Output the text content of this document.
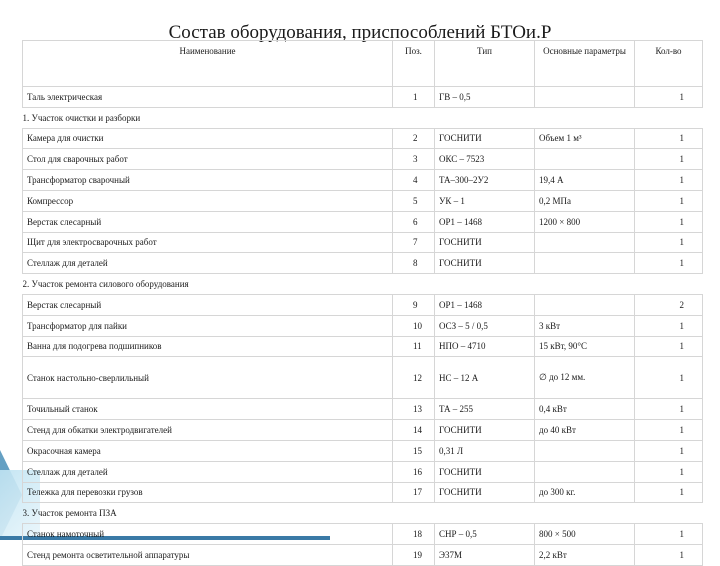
Состав оборудования, приспособлений БТОи.Р
Наименование	Поз.	Тип	Основные параметры	Кол-во
Таль электрическая	1	ГВ – 0,5		1
1. Участок очистки и разборки				
Камера для очистки	2	ГОСНИТИ	Объем 1 м³	1
Стол для сварочных работ	3	ОКС – 7523		1
Трансформатор сварочный	4	ТА–300–2У2	19,4 А	1
Компрессор	5	УК – 1	0,2 МПа	1
Верстак слесарный	6	ОР1 – 1468	1200 × 800	1
Щит для электросварочных работ	7	ГОСНИТИ		1
Стеллаж для деталей	8	ГОСНИТИ		1
2. Участок ремонта силового оборудования				
Верстак слесарный	9	ОР1 – 1468		2
Трансформатор для пайки	10	ОСЗ – 5 / 0,5	3 кВт	1
Ванна для подогрева подшипников	11	НПО – 4710	15 кВт, 90°С	1
Станок настольно-сверлильный	12	НС – 12 А	∅ до 12 мм.	1
Точильный станок	13	ТА – 255	0,4 кВт	1
Стенд для обкатки электродвигателей	14	ГОСНИТИ	до 40 кВт	1
Окрасочная камера	15	0,31 Л		1
Стеллаж для деталей	16	ГОСНИТИ		1
Тележка для перевозки грузов	17	ГОСНИТИ	до 300 кг.	1
3. Участок ремонта ПЗА				
Станок намоточный	18	СНР – 0,5	800 × 500	1
Стенд ремонта осветительной аппаратуры	19	Э37М	2,2 кВт	1
